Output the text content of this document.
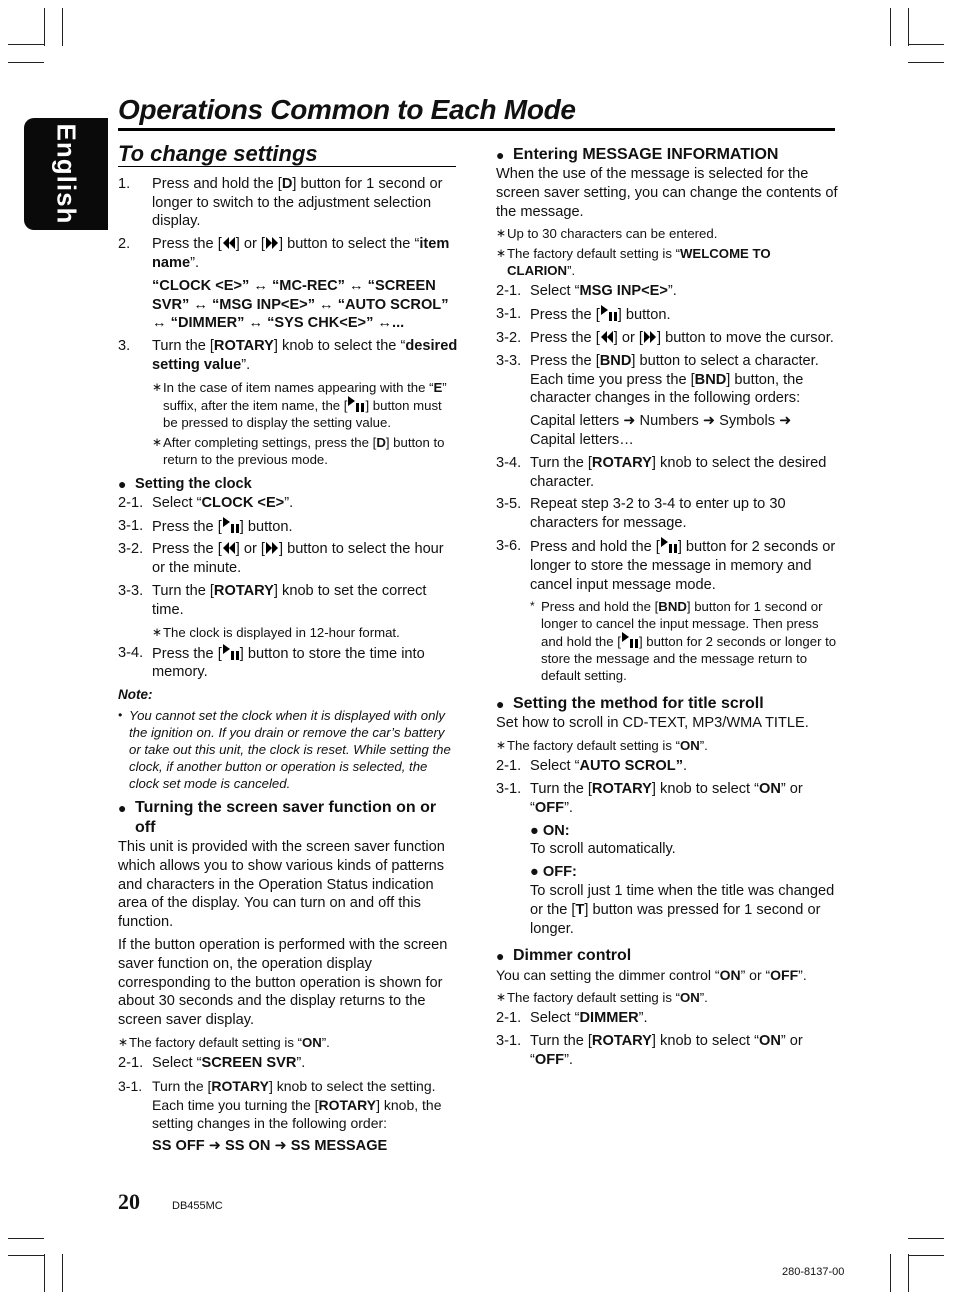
English
Operations Common to Each Mode
To change settings
1.	Press and hold the [D] button for 1 second or longer to switch to the adjustment selection display.
2.	Press the [ ] or [ ] button to select the “item name”.
“CLOCK <E>” ↔ “MC-REC” ↔ “SCREEN SVR” ↔ “MSG INP<E>” ↔ “AUTO SCROL” ↔ “DIMMER” ↔ “SYS CHK<E>” ↔...
3.	Turn the [ROTARY] knob to select the “desired setting value”.
∗ In the case of item names appearing with the “E” suffix, after the item name, the [ ] button must be pressed to display the setting value.
∗ After completing settings, press the [D] button to return to the previous mode.
● Setting the clock
2-1. Select “CLOCK <E>”.
3-1. Press the [ ] button.
3-2. Press the [ ] or [ ] button to select the hour or the minute.
3-3. Turn the [ROTARY] knob to set the correct time.
∗ The clock is displayed in 12-hour format.
3-4. Press the [ ] button to store the time into memory.
Note:
• You cannot set the clock when it is displayed with only the ignition on. If you drain or remove the car’s battery or take out this unit, the clock is reset. While setting the clock, if another button or operation is selected, the clock set mode is canceled.
● Turning the screen saver function on or off
This unit is provided with the screen saver function which allows you to show various kinds of patterns and characters in the Operation Status indication area of the display. You can turn on and off this function.
If the button operation is performed with the screen saver function on, the operation display corresponding to the button operation is shown for about 30 seconds and the display returns to the screen saver display.
∗ The factory default setting is “ON”.
2-1. Select “SCREEN SVR”.
3-1. Turn the [ROTARY] knob to select the setting. Each time you turning the [ROTARY] knob, the setting changes in the following order:
SS OFF ➜ SS ON ➜ SS MESSAGE
● Entering MESSAGE INFORMATION
When the use of the message is selected for the screen saver setting, you can change the contents of the message.
∗ Up to 30 characters can be entered.
∗ The factory default setting is “WELCOME TO CLARION”.
2-1. Select “MSG INP<E>”.
3-1. Press the [ ] button.
3-2. Press the [ ] or [ ] button to move the cursor.
3-3. Press the [BND] button to select a character. Each time you press the [BND] button, the character changes in the following orders:
Capital letters ➜ Numbers ➜ Symbols ➜ Capital letters…
3-4. Turn the [ROTARY] knob to select the desired character.
3-5. Repeat step 3-2 to 3-4 to enter up to 30 characters for message.
3-6. Press and hold the [ ] button for 2 seconds or longer to store the message in memory and cancel input message mode.
* Press and hold the [BND] button for 1 second or longer to cancel the input message. Then press and hold the [ ] button for 2 seconds or longer to store the message and the message return to default setting.
● Setting the method for title scroll
Set how to scroll in CD-TEXT, MP3/WMA TITLE.
∗ The factory default setting is “ON”.
2-1. Select “AUTO SCROL”.
3-1. Turn the [ROTARY] knob to select “ON” or “OFF”.
● ON:
To scroll automatically.
● OFF:
To scroll just 1 time when the title was changed or the [T] button was pressed for 1 second or longer.
● Dimmer control
You can setting the dimmer control “ON” or “OFF”.
∗ The factory default setting is “ON”.
2-1. Select “DIMMER”.
3-1. Turn the [ROTARY] knob to select “ON” or “OFF”.
20	DB455MC
280-8137-00
